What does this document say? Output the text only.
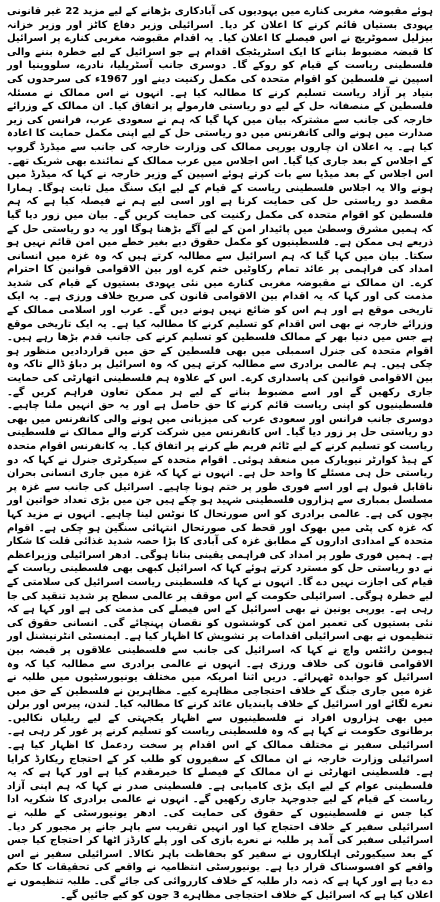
ہوئے مقبوضہ مغربی کنارے میں یہودیوں کی آبادکاری بڑھانے کے لیے مزید 22 غیر قانونی یہودی بستیاں قائم کرنے کا اعلان کر دیا۔ اسرائیلی وزیر دفاع کاٹز اور وزیر خزانہ بیزلیل سموٹریچ نے اس فیصلے کا اعلان کیا۔ یہ اقدام مقبوضہ مغربی کنارے پر اسرائیل کا قبضہ مضبوط بنانے کا ایک اسٹریٹجک اقدام ہے جو اسرائیل کے لیے خطرہ بننے والی فلسطینی ریاست کے قیام کو روکے گا۔ دوسری جانب آسٹریلیا، نادرے، سلووینیا اور اسپین نے فلسطین کو اقوام متحدہ کی مکمل رکنیت دینے اور 1967ء کی سرحدوں کی بنیاد پر آزاد ریاست تسلیم کرنے کا مطالبہ کیا ہے۔ انہوں نے اس ممالک نے مسئلہ فلسطین کے منصفانہ حل کے لیے دو ریاستی فارمولے پر اتفاق کیا۔ ان ممالک کے وزرائے خارجہ کی جانب سے مشترکہ بیان میں کہا گیا کہ ہم نے سعودی عرب، فرانس کی زیر صدارت میں ہونے والی کانفرنس میں دو ریاستی حل کے لیے اپنی مکمل حمایت کا اعادہ کیا ہے۔ یہ اعلان ان چاروں یورپی ممالک کی وزارت خارجہ کی جانب سے میڈرڈ گروپ کے اجلاس کے بعد جاری کیا گیا۔ اس اجلاس میں عرب ممالک کے نمائندے بھی شریک تھے۔ اس اجلاس کے بعد میڈیا سے بات کرتے ہوئے اسپین کے وزیر خارجہ نے کہا کہ میڈرڈ میں ہونے والا یہ اجلاس فلسطینی ریاست کے قیام کے لیے ایک سنگ میل ثابت ہوگا۔ ہمارا مقصد دو ریاستی حل کی حمایت کرنا ہے اور اسی لیے ہم نے فیصلہ کیا ہے کہ ہم فلسطین کو اقوام متحدہ کی مکمل رکنیت کی حمایت کریں گے۔ بیان میں زور دیا گیا کہ ہمیں مشرق وسطیٰ میں پائیدار امن کے لیے آگے بڑھنا ہوگا اور یہ دو ریاستی حل کے ذریعے ہی ممکن ہے۔ فلسطینیوں کو مکمل حقوق دیے بغیر خطے میں امن قائم نہیں ہو سکتا۔ بیان میں کہا گیا کہ ہم اسرائیل سے مطالبہ کرتے ہیں کہ وہ غزہ میں انسانی امداد کی فراہمی پر عائد تمام رکاوٹیں ختم کرے اور بین الاقوامی قوانین کا احترام کرے۔ ان ممالک نے مقبوضہ مغربی کنارے میں نئی یہودی بستیوں کے قیام کی شدید مذمت کی اور کہا کہ یہ اقدام بین الاقوامی قانون کی صریح خلاف ورزی ہے۔ یہ ایک تاریخی موقع ہے اور ہم اس کو ضائع نہیں ہونے دیں گے۔ عرب اور اسلامی ممالک کے وزرائے خارجہ نے بھی اس اقدام کو تسلیم کرنے کا مطالبہ کیا ہے۔ یہ ایک تاریخی موقع ہے جس میں دنیا بھر کے ممالک فلسطین کو تسلیم کرنے کی جانب قدم بڑھا رہے ہیں۔ اقوام متحدہ کی جنرل اسمبلی میں بھی فلسطین کے حق میں قراردادیں منظور ہو چکی ہیں۔ ہم عالمی برادری سے مطالبہ کرتے ہیں کہ وہ اسرائیل پر دباؤ ڈالے تاکہ وہ بین الاقوامی قوانین کی پاسداری کرے۔ اس کے علاوہ ہم فلسطینی اتھارٹی کی حمایت جاری رکھیں گے اور اسے مضبوط بنانے کے لیے ہر ممکن تعاون فراہم کریں گے۔ فلسطینیوں کو اپنی ریاست قائم کرنے کا حق حاصل ہے اور یہ حق انہیں ملنا چاہیے۔ دوسری جانب فرانس اور سعودی عرب کی میزبانی میں ہونے والی کانفرنس میں بھی دو ریاستی حل پر زور دیا گیا۔ اس کانفرنس میں شرکت کرنے والے ممالک نے فلسطینی ریاست کو تسلیم کرنے کے لیے ٹائم فریم طے کرنے پر اتفاق کیا۔ یہ کانفرنس اقوام متحدہ کے ہیڈ کوارٹر نیویارک میں منعقد ہوئی۔ اقوام متحدہ کے سیکرٹری جنرل نے کہا کہ دو ریاستی حل ہی مسئلے کا واحد حل ہے۔ انہوں نے کہا کہ غزہ میں جاری انسانی بحران ناقابل قبول ہے اور اسے فوری طور پر ختم ہونا چاہیے۔ اسرائیل کی جانب سے غزہ پر مسلسل بمباری سے ہزاروں فلسطینی شہید ہو چکے ہیں جن میں بڑی تعداد خواتین اور بچوں کی ہے۔ عالمی برادری کو اس صورتحال کا نوٹس لینا چاہیے۔ انہوں نے مزید کہا کہ غزہ کی پٹی میں بھوک اور قحط کی صورتحال انتہائی سنگین ہو چکی ہے۔ اقوام متحدہ کے امدادی اداروں کے مطابق غزہ کی آبادی کا بڑا حصہ شدید غذائی قلت کا شکار ہے۔ ہمیں فوری طور پر امداد کی فراہمی یقینی بنانا ہوگی۔ ادھر اسرائیلی وزیراعظم نے دو ریاستی حل کو مسترد کرتے ہوئے کہا کہ اسرائیل کبھی بھی فلسطینی ریاست کے قیام کی اجازت نہیں دے گا۔ انہوں نے کہا کہ فلسطینی ریاست اسرائیل کی سلامتی کے لیے خطرہ ہوگی۔ اسرائیلی حکومت کے اس موقف پر عالمی سطح پر شدید تنقید کی جا رہی ہے۔ یورپی یونین نے بھی اسرائیل کے اس فیصلے کی مذمت کی ہے اور کہا ہے کہ نئی بستیوں کی تعمیر امن کی کوششوں کو نقصان پہنچائے گی۔ انسانی حقوق کی تنظیموں نے بھی اسرائیلی اقدامات پر تشویش کا اظہار کیا ہے۔ ایمنسٹی انٹرنیشنل اور ہیومن رائٹس واچ نے کہا کہ اسرائیل کی جانب سے فلسطینی علاقوں پر قبضہ بین الاقوامی قانون کی خلاف ورزی ہے۔ انہوں نے عالمی برادری سے مطالبہ کیا کہ وہ اسرائیل کو جوابدہ ٹھہرائے۔ دریں اثنا امریکہ میں مختلف یونیورسٹیوں میں طلبہ نے غزہ میں جاری جنگ کے خلاف احتجاجی مظاہرے کیے۔ مظاہرین نے فلسطین کے حق میں نعرے لگائے اور اسرائیل کے خلاف پابندیاں عائد کرنے کا مطالبہ کیا۔ لندن، پیرس اور برلن میں بھی ہزاروں افراد نے فلسطینیوں سے اظہار یکجہتی کے لیے ریلیاں نکالیں۔ برطانوی حکومت نے کہا ہے کہ وہ فلسطینی ریاست کو تسلیم کرنے پر غور کر رہی ہے۔ اسرائیلی سفیر نے مختلف ممالک کے اس اقدام پر سخت ردعمل کا اظہار کیا ہے۔ اسرائیلی وزارت خارجہ نے ان ممالک کے سفیروں کو طلب کر کے احتجاج ریکارڈ کرایا ہے۔ فلسطینی اتھارٹی نے ان ممالک کے فیصلے کا خیرمقدم کیا ہے اور کہا ہے کہ یہ فلسطینی عوام کے لیے ایک بڑی کامیابی ہے۔ فلسطینی صدر نے کہا کہ ہم اپنی آزاد ریاست کے قیام کے لیے جدوجہد جاری رکھیں گے۔ انہوں نے عالمی برادری کا شکریہ ادا کیا جس نے فلسطینیوں کے حقوق کی حمایت کی۔ ادھر یونیورسٹی کے طلبہ نے اسرائیلی سفیر کے خلاف احتجاج کیا اور انہیں تقریب سے باہر جانے پر مجبور کر دیا۔ اسرائیلی سفیر کی آمد پر طلبہ نے نعرے بازی کی اور پلے کارڈز اٹھا کر احتجاج کیا جس کے بعد سیکیورٹی اہلکاروں نے سفیر کو بحفاظت باہر نکالا۔ اسرائیلی سفیر نے اس واقعے کو افسوسناک قرار دیا ہے۔ یونیورسٹی انتظامیہ نے واقعے کی تحقیقات کا حکم دے دیا ہے اور کہا ہے کہ ذمہ دار طلبہ کے خلاف کارروائی کی جائے گی۔ طلبہ تنظیموں نے اعلان کیا ہے کہ اسرائیل کے خلاف احتجاجی مظاہرے 3 جون کو کیے جائیں گے۔
